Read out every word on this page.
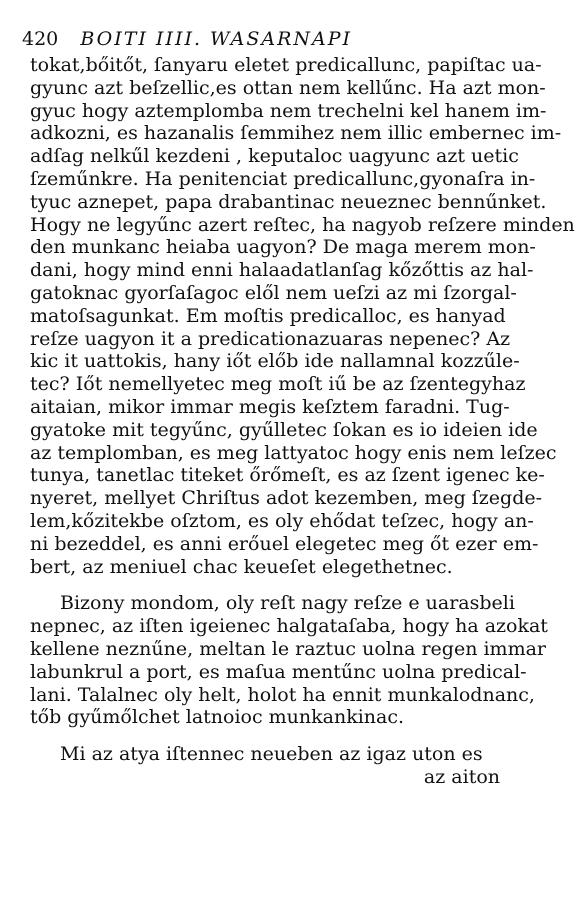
420 BOITI IIII. WASARNAPI
tokat,bőitőt, ſanyaru eletet predicallunc, papiſtac ua-
gyunc azt beſzellic,es ottan nem kellűnc. Ha azt mon-
gyuc hogy aztemplomba nem trechelni kel hanem im-
adkozni, es hazanalis ſemmihez nem illic embernec im-
adſag nelkűl kezdeni , keputaloc uagyunc azt uetic
ſzeműnkre. Ha penitenciat predicallunc,gyonaſra in-
tyuc aznepet, papa drabantinac neueznec bennűnket.
Hogy ne legyűnc azert reſtec, ha nagyob reſzere minden
den munkanc heiaba uagyon? De maga merem mon-
dani, hogy mind enni halaadatlanſag kőzőttis az hal-
gatoknac gyorſaſagoc elől nem ueſzi az mi ſzorgal-
matoſsagunkat. Em moſtis predicalloc, es hanyad
reſze uagyon it a predicationazuaras nepenec? Az
kic it uattokis, hany iőt előb ide nallamnal kozzűle-
tec? Iőt nemellyetec meg moſt iű be az ſzentegyhaz
aitaian, mikor immar megis keſztem faradni. Tug-
gyatoke mit tegyűnc, gyűlletec ſokan es io ideien ide
az templomban, es meg lattyatoc hogy enis nem leſzec
tunya, tanetlac titeket őrőmeſt, es az ſzent igenec ke-
nyeret, mellyet Chriſtus adot kezemben, meg ſzegde-
lem,kőzitekbe oſztom, es oly ehődat teſzec, hogy an-
ni bezeddel, es anni erőuel elegetec meg őt ezer em-
bert, az meniuel chac keueſet elegethetnec.
Bizony mondom, oly reſt nagy reſze e uarasbeli
nepnec, az iſten igeienec halgataſaba, hogy ha azokat
kellene neznűne, meltan le raztuc uolna regen immar
labunkrul a port, es maſua mentűnc uolna predical-
lani. Talalnec oly helt, holot ha ennit munkalodnanc,
tőb gyűmőlchet latnoioc munkankinac.
Mi az atya iſtennec neueben az igaz uton es
az aiton
